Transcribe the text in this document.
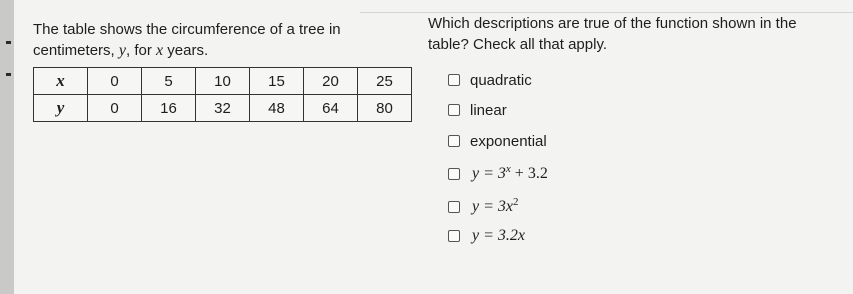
The table shows the circumference of a tree in

centimeters, y, for x years.

x	0	5	10	15	20	25
y	0	16	32	48	64	80

Which descriptions are true of the function shown in the

table? Check all that apply.

quadratic
linear
exponential
$y = 3^x + 3.2$
$y = 3x^2$
y = 3.2x
